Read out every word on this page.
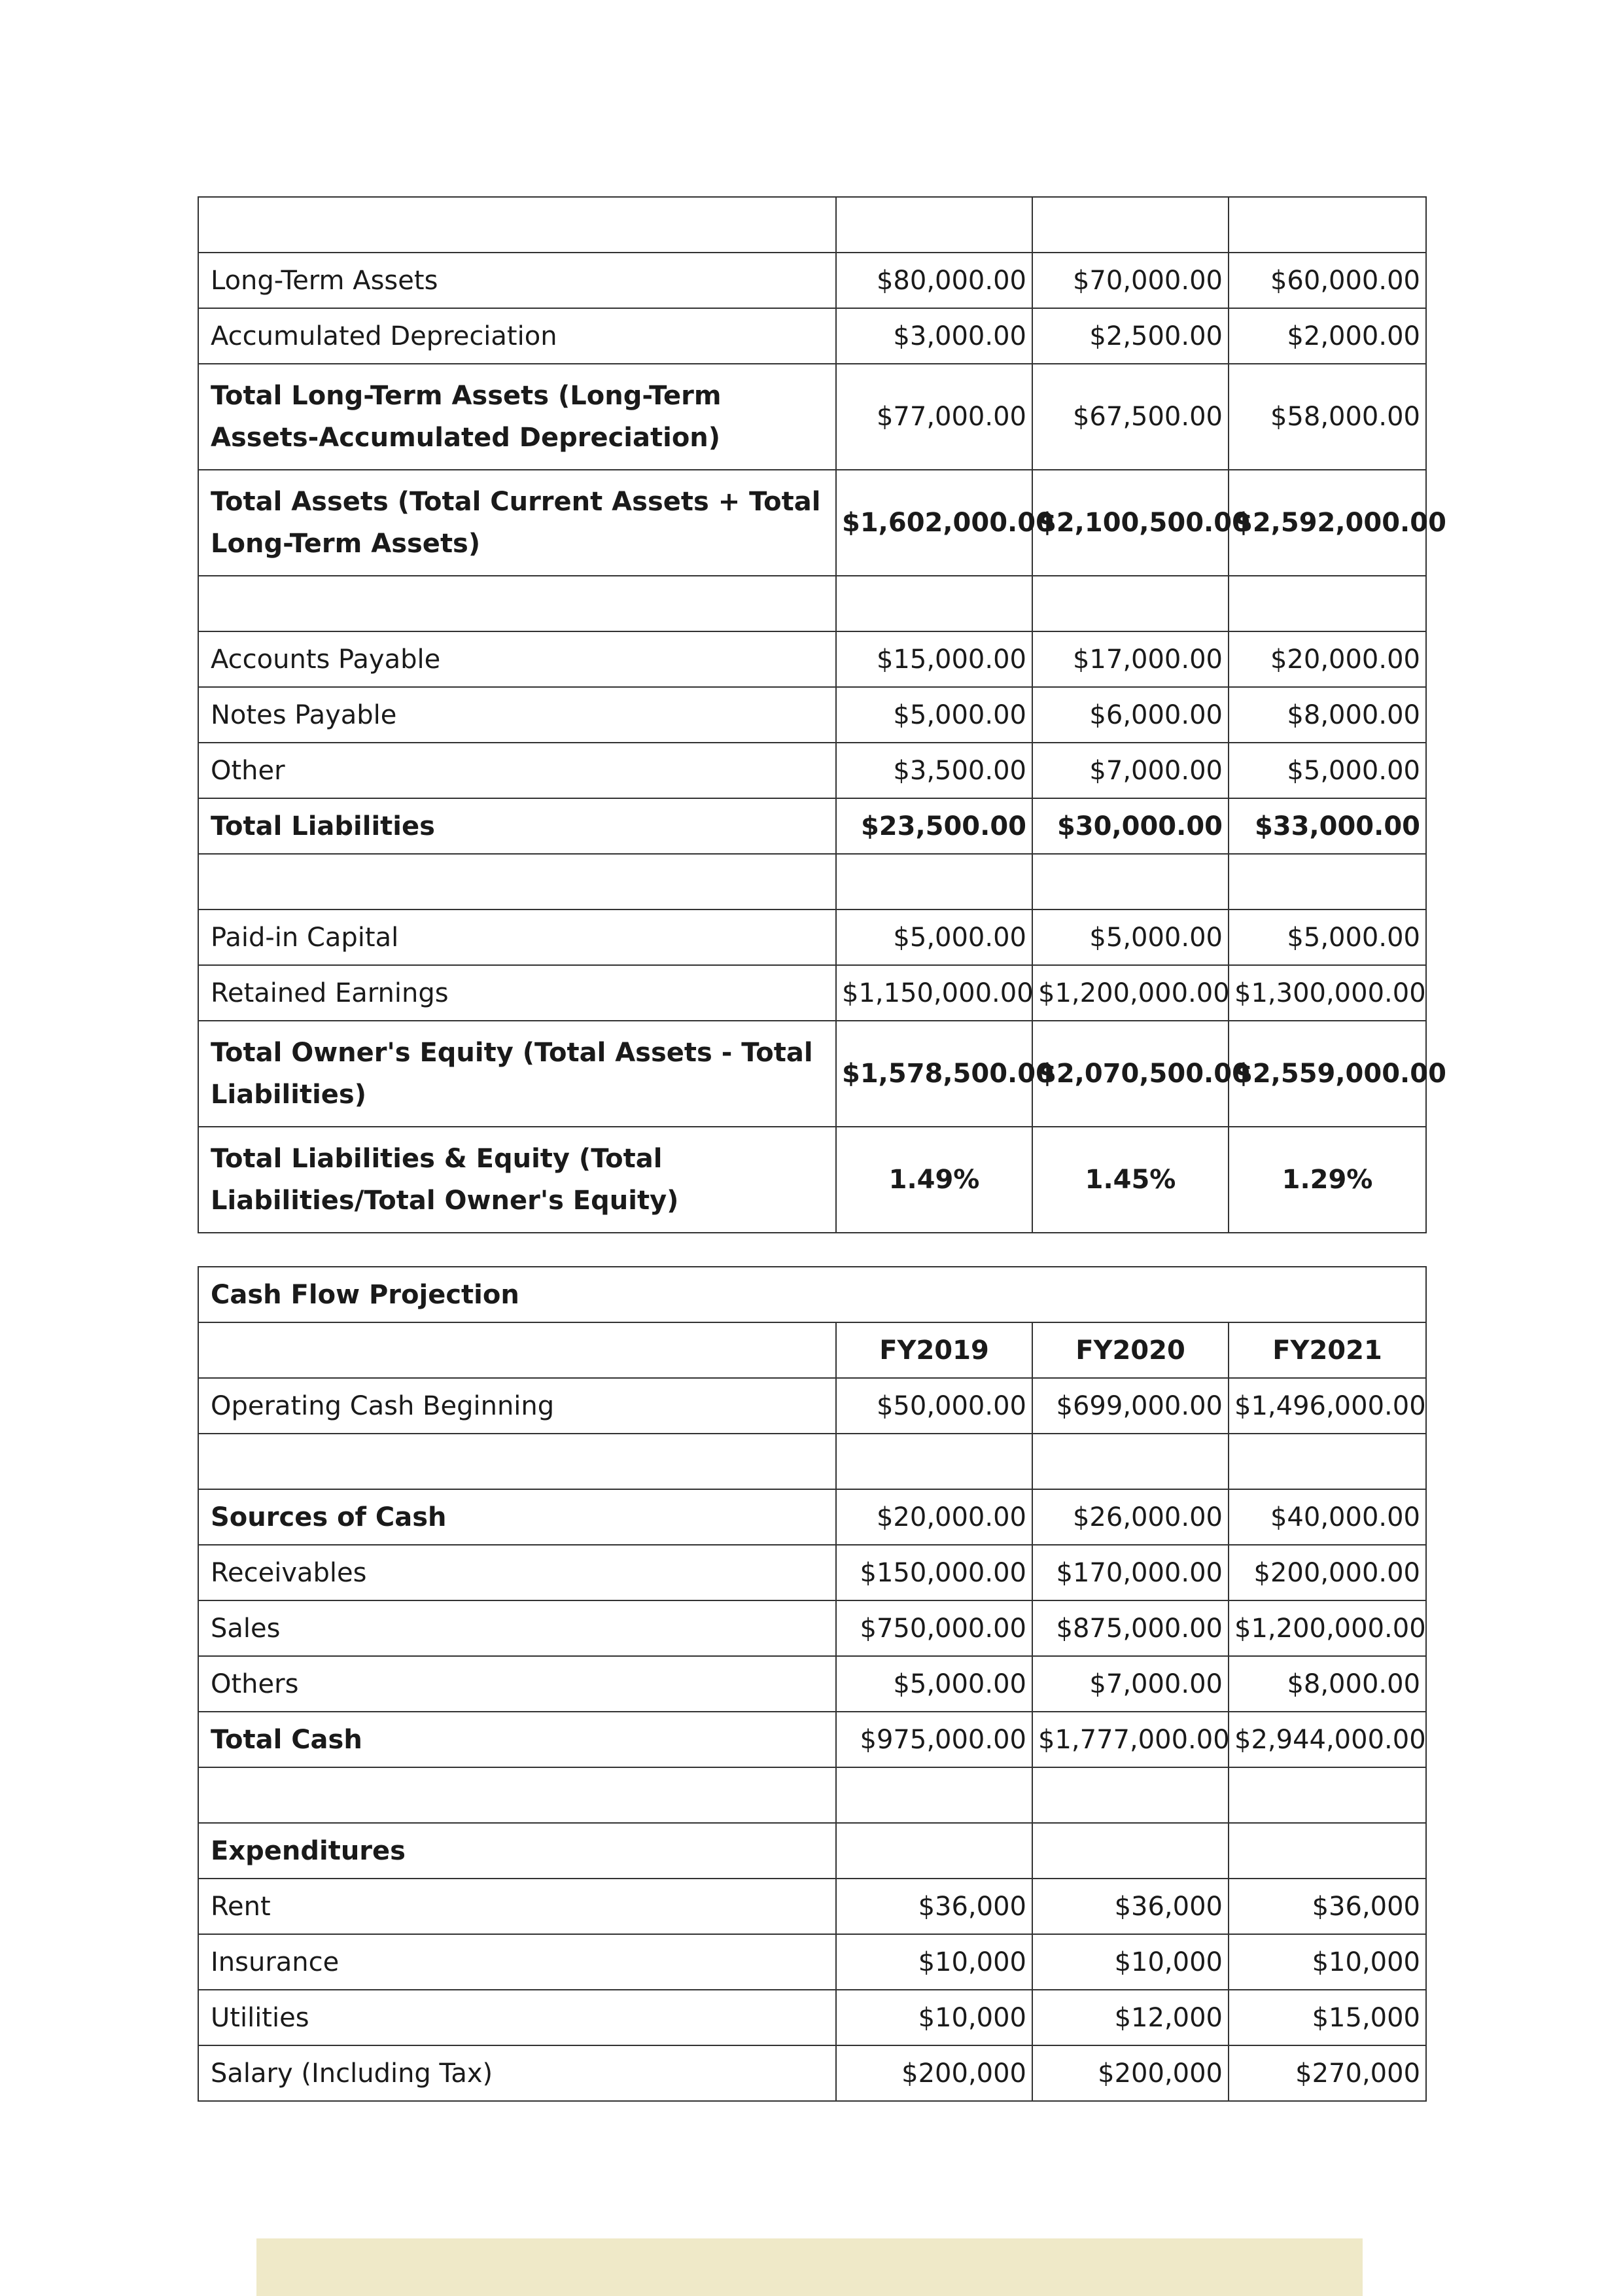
Long-Term Assets	$80,000.00	$70,000.00	$60,000.00
Accumulated Depreciation	$3,000.00	$2,500.00	$2,000.00
Total Long-Term Assets (Long-Term Assets-Accumulated Depreciation)	$77,000.00	$67,500.00	$58,000.00
Total Assets (Total Current Assets + Total Long-Term Assets)	$1,602,000.00	$2,100,500.00	$2,592,000.00

Accounts Payable	$15,000.00	$17,000.00	$20,000.00
Notes Payable	$5,000.00	$6,000.00	$8,000.00
Other	$3,500.00	$7,000.00	$5,000.00
Total Liabilities	$23,500.00	$30,000.00	$33,000.00

Paid-in Capital	$5,000.00	$5,000.00	$5,000.00
Retained Earnings	$1,150,000.00	$1,200,000.00	$1,300,000.00
Total Owner's Equity (Total Assets - Total Liabilities)	$1,578,500.00	$2,070,500.00	$2,559,000.00
Total Liabilities & Equity (Total Liabilities/Total Owner's Equity)	1.49%	1.45%	1.29%
Cash Flow Projection			
	FY2019	FY2020	FY2021
Operating Cash Beginning	$50,000.00	$699,000.00	$1,496,000.00

Sources of Cash	$20,000.00	$26,000.00	$40,000.00
Receivables	$150,000.00	$170,000.00	$200,000.00
Sales	$750,000.00	$875,000.00	$1,200,000.00
Others	$5,000.00	$7,000.00	$8,000.00
Total Cash	$975,000.00	$1,777,000.00	$2,944,000.00

Expenditures			
Rent	$36,000	$36,000	$36,000
Insurance	$10,000	$10,000	$10,000
Utilities	$10,000	$12,000	$15,000
Salary (Including Tax)	$200,000	$200,000	$270,000
